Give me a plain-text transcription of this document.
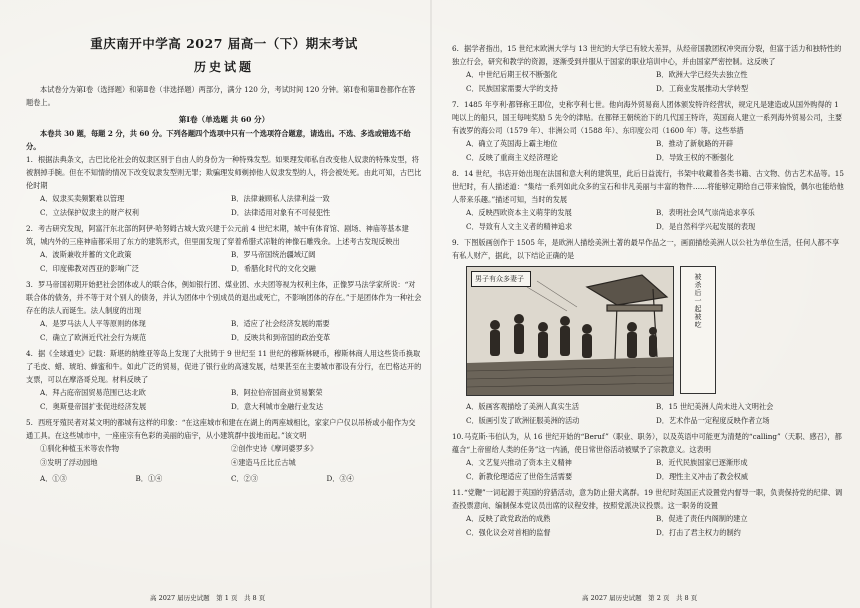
重庆南开中学高 2027 届高一（下）期末考试
历史试题

本试卷分为第Ⅰ卷（选择题）和第Ⅱ卷（非选择题）两部分，满分 120 分，考试时间 120 分钟。第Ⅰ卷和第Ⅱ卷都作在答题卷上。

第Ⅰ卷（单选题 共 60 分）

本卷共 30 题，每题 2 分，共 60 分。下列各题四个选项中只有一个选项符合题意，请选出。不选、多选或错选不给分。

1. 根据法典条文，古巴比伦社会的奴隶区别于自由人的身份为一种特殊发型。如果理发师私自改变他人奴隶的特殊发型，将被割掉手腕。但在不知情的情况下改变奴隶发型则无罪；欺骗理发师剃掉他人奴隶发型的人，将会被处死。由此可知，古巴比伦时期

A．奴隶买卖频繁难以管理	B．法律兼顾私人法律利益一致
C．立法保护奴隶主的财产权利	D．法律适用对象有不可侵犯性

2. 考古研究发现，阿富汗东北部的阿伊·哈努姆古城大致兴建于公元前 4 世纪末期，城中有体育馆、剧场、神庙等基本建筑，城内外的三座神庙都采用了东方的建筑形式，但里面发现了穿着希腊式凉鞋的神像石雕残余。上述考古发现反映出

A．波斯兼收并蓄的文化政策	B．罗马帝国统治疆域辽阔
C．印度佛教对西亚的影响广泛	D．希腊化时代的文化交融

3. 罗马帝国初期开始把社会团体或人的联合体，例如银行团、煤业团、水夫团等视为权利主体，正像罗马法学家所说：“对联合体的债务，并不等于对个别人的债务，并认为团体中个别成员的退出或死亡，不影响团体的存在。”于是团体作为一种社会存在的法人而诞生。法人制度的出现

A．是罗马法人人平等原则的体现	B．适应了社会经济发展的需要
C．确立了欧洲近代社会行为规范	D．反映共和到帝国的政治变革

4. 据《全球通史》记载：斯堪的纳维亚等岛上发现了大批铸于 9 世纪至 11 世纪的穆斯林硬币，穆斯林商人用这些货币换取了毛皮、蜡、琥珀、蜂蜜和牛。如此广泛的贸易，促进了银行业的高速发展，结果甚至在主要城市都设有分行，在巴格达开的支票，可以在摩洛哥兑现。材料反映了

A．拜占庭帝国贸易范围已达北欧	B．阿拉伯帝国商业贸易繁荣
C．奥斯曼帝国扩张促进经济发展	D．意大利城市金融行业发达

5. 西班牙殖民者对某文明的都城有这样的印象：“在这座城市和建在在湖上的两座城相比，家家户户仅以吊桥或小船作为交通工具。在这些城市中，一座座宗有色彩的美丽的庙宇，从小建筑群中拔地而起。”该文明

①驯化种植玉米等农作物	②创作史诗《摩诃婆罗多》
③发明了浮动园地	④建造马丘比丘古城
A．①③	B．①④	C．②③	D．③④
高 2027 届历史试题　第 1 页　共 8 页

6. 据学者指出，15 世纪末欧洲大学与 13 世纪的大学已有较大差异，从经帝国教团权冲突而分裂，但富于活力和独特性的独立行会，研究和教学的资源，逐渐受到并服从于国家的职业培训中心，并由国家严密控制。这反映了

A．中世纪后期王权不断强化	B．欧洲大学已经失去独立性
C．民族国家需要大学的支持	D．工商业发展推动大学转型

7. 1485 年亨利·都铎称王即位，史称亨利七世。他向海外贸易商人团体颁发特许经营状，规定凡是建造或从国外购得的 1 吨以上的船只，国王每吨奖励 5 先令的津贴。在都铎王朝统治下的几代国王特许，英国商人建立一系列海外贸易公司，主要有波罗的海公司（1579 年）、非洲公司（1588 年）、东印度公司（1600 年）等。这些举措

A．确立了英国海上霸主地位	B．推动了新航路的开辟
C．反映了重商主义经济理论	D．导致王权的不断强化

8. 14 世纪，书店开始出现在法国和意大利的建筑里，此后日益流行，书架中收藏着各类书籍、古文物、仿古艺术品等。15 世纪时，有人描述道：“集结一系列如此众多的宝石和非凡美丽与丰富的物件……将能够定期给自己带来愉悦，偶尔也能给他人带来乐趣。”描述可知，当时的发展

A．反映西欧资本主义萌芽的发展	B．表明社会风气崇尚追求享乐
C．导致有人文主义者的精神追求	D．是自然科学兴起发展的表现

9. 下图版画创作于 1505 年，是欧洲人描绘美洲土著的最早作品之一，画面描绘美洲人以公社为单位生活，任何人都不享有私人财产，据此，以下结论正确的是

男子有众多妻子	被杀后一起被吃
A．版画客观描绘了美洲人真实生活	B．15 世纪美洲人尚未进入文明社会
C．版画引发了欧洲征服美洲的活动	D．艺术作品一定程度反映作者立场

10.马克斯·韦伯认为，从 16 世纪开始的“Beruf”（职业、职务），以及英语中可能更为清楚的“calling”（天职、感召），都蕴含“上帝留给人类的任务”这一内涵，使日常世俗活动被赋予了宗教意义。这表明

A．文艺复兴推动了资本主义精神	B．近代民族国家已逐渐形成
C．新教伦理适应了世俗生活需要	D．理性主义冲击了教会权威

11.“党鞭”一词起源于英国的狩猎活动，意为防止猎犬离群。19 世纪时英国正式设置党内督导一职，负责保持党的纪律、调查投票意向、编制保本党议员出席的议程安排，按照党派决议投票。这一职务的设置

A．反映了政党政治的成熟	B．促进了责任内阁制的建立
C．强化议会对首相的监督	D．打击了君主权力的制约
高 2027 届历史试题　第 2 页　共 8 页
